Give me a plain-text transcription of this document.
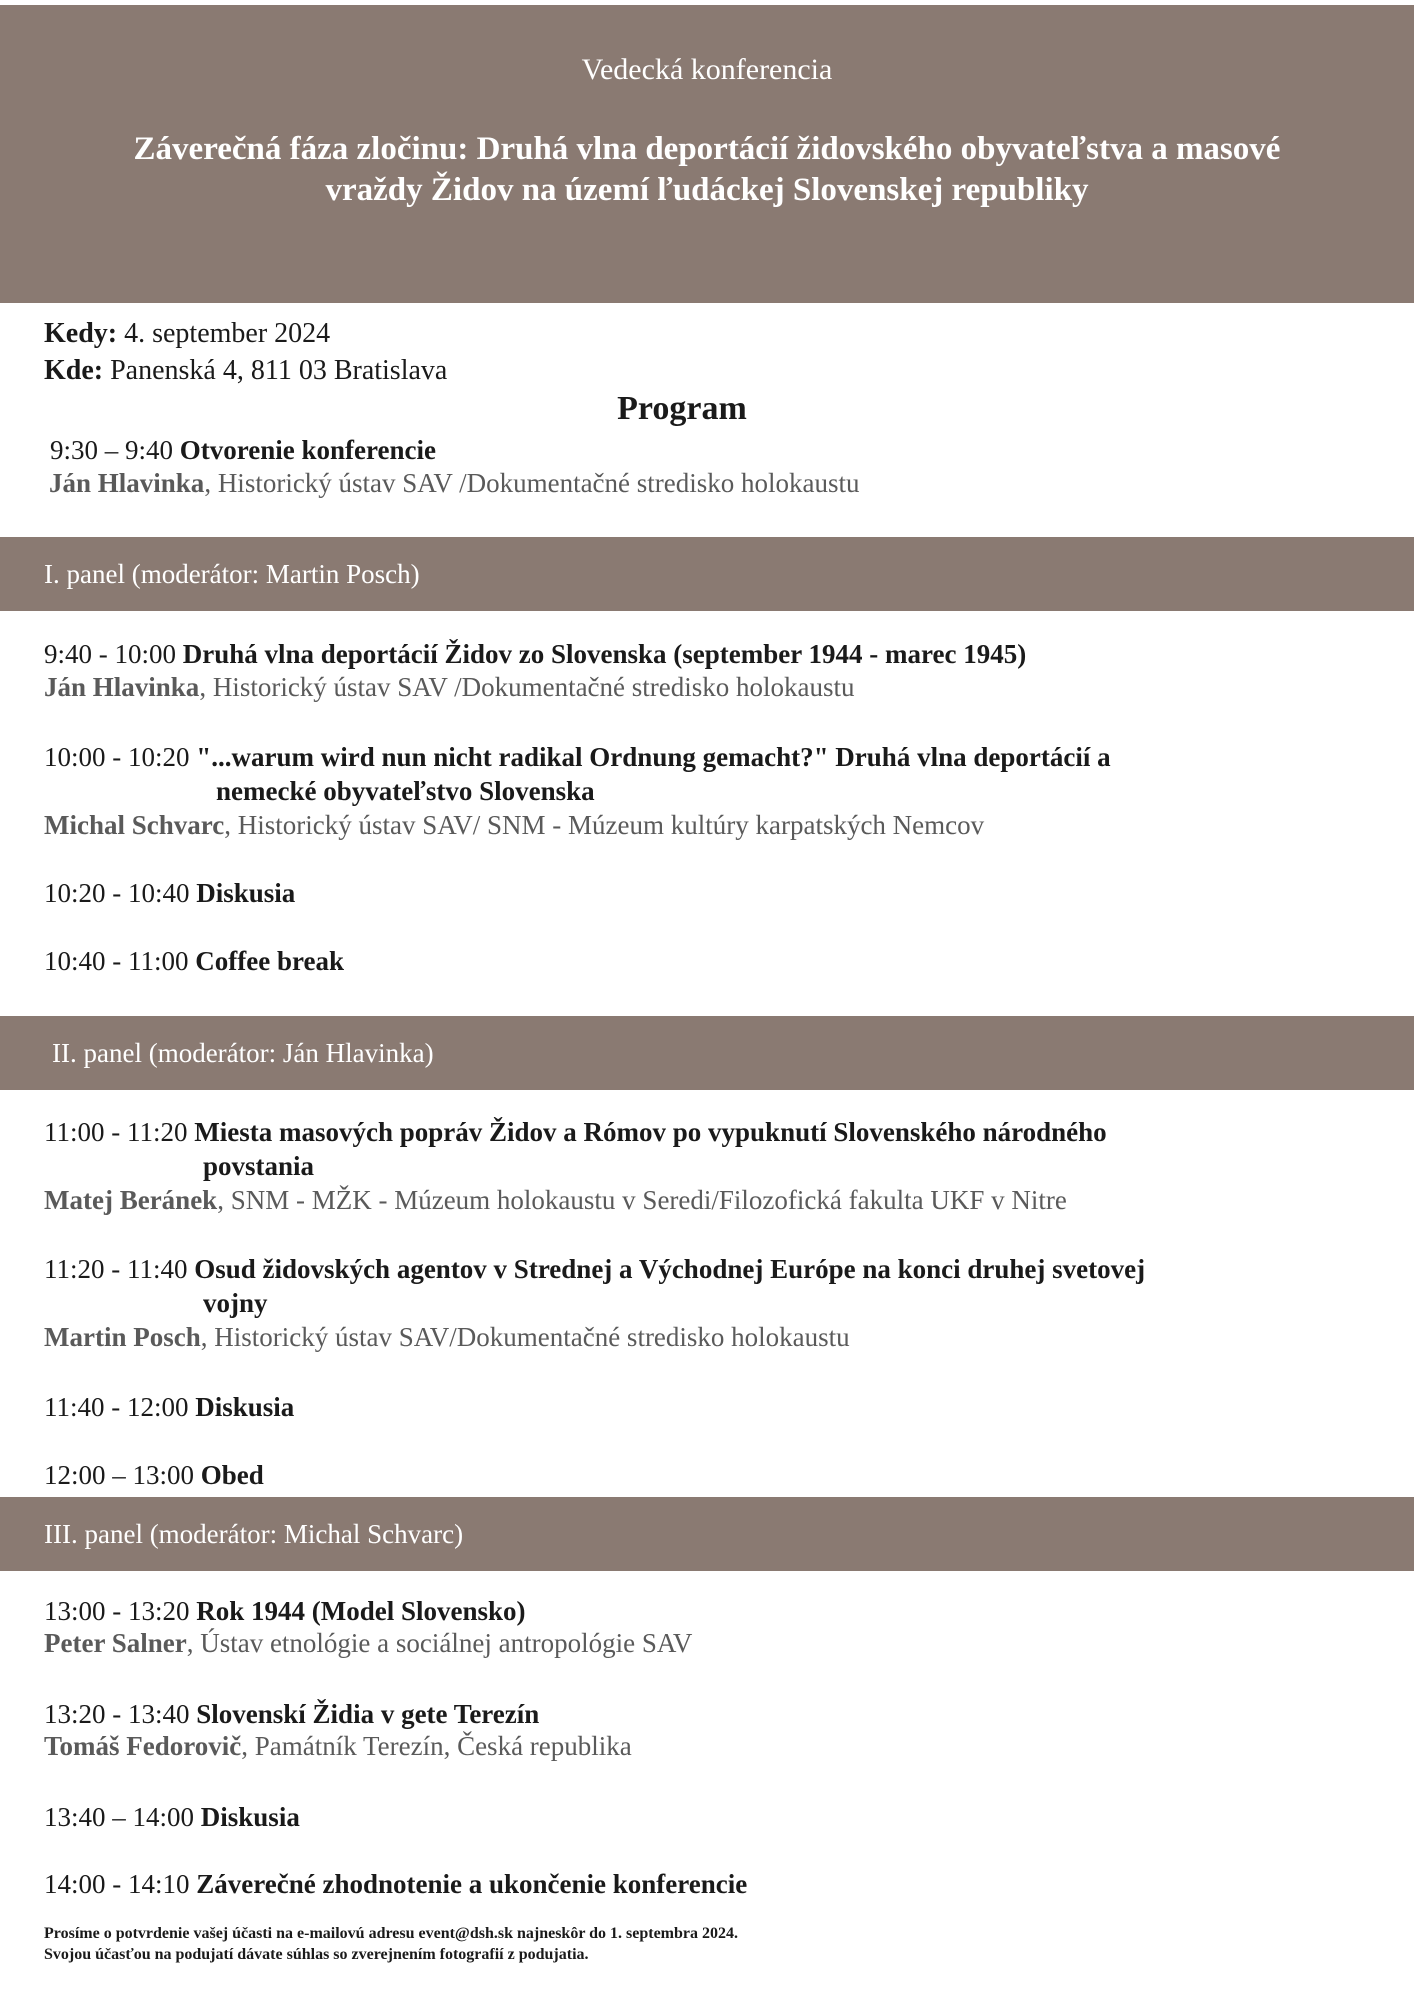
Vedecká konferencia
Záverečná fáza zločinu: Druhá vlna deportácií židovského obyvateľstva a masové
vraždy Židov na území ľudáckej Slovenskej republiky
Kedy: 4. september 2024
Kde: Panenská 4, 811 03 Bratislava
Program
9:30 – 9:40 Otvorenie konferencie
Ján Hlavinka, Historický ústav SAV /Dokumentačné stredisko holokaustu
I. panel (moderátor: Martin Posch)
9:40 - 10:00 Druhá vlna deportácií Židov zo Slovenska (september 1944 - marec 1945)
Ján Hlavinka, Historický ústav SAV /Dokumentačné stredisko holokaustu
10:00 - 10:20 "...warum wird nun nicht radikal Ordnung gemacht?" Druhá vlna deportácií a
nemecké obyvateľstvo Slovenska
Michal Schvarc, Historický ústav SAV/ SNM - Múzeum kultúry karpatských Nemcov
10:20 - 10:40 Diskusia
10:40 - 11:00 Coffee break
II. panel (moderátor: Ján Hlavinka)
11:00 - 11:20 Miesta masových popráv Židov a Rómov po vypuknutí Slovenského národného
povstania
Matej Beránek, SNM - MŽK - Múzeum holokaustu v Seredi/Filozofická fakulta UKF v Nitre
11:20 - 11:40 Osud židovských agentov v Strednej a Východnej Európe na konci druhej svetovej
vojny
Martin Posch, Historický ústav SAV/Dokumentačné stredisko holokaustu
11:40 - 12:00 Diskusia
12:00 – 13:00 Obed
III. panel (moderátor: Michal Schvarc)
13:00 - 13:20 Rok 1944 (Model Slovensko)
Peter Salner, Ústav etnológie a sociálnej antropológie SAV
13:20 - 13:40 Slovenskí Židia v gete Terezín
Tomáš Fedorovič, Památník Terezín, Česká republika
13:40 – 14:00 Diskusia
14:00 - 14:10 Záverečné zhodnotenie a ukončenie konferencie
Prosíme o potvrdenie vašej účasti na e-mailovú adresu event@dsh.sk najneskôr do 1. septembra 2024.
Svojou účasťou na podujatí dávate súhlas so zverejnením fotografií z podujatia.
